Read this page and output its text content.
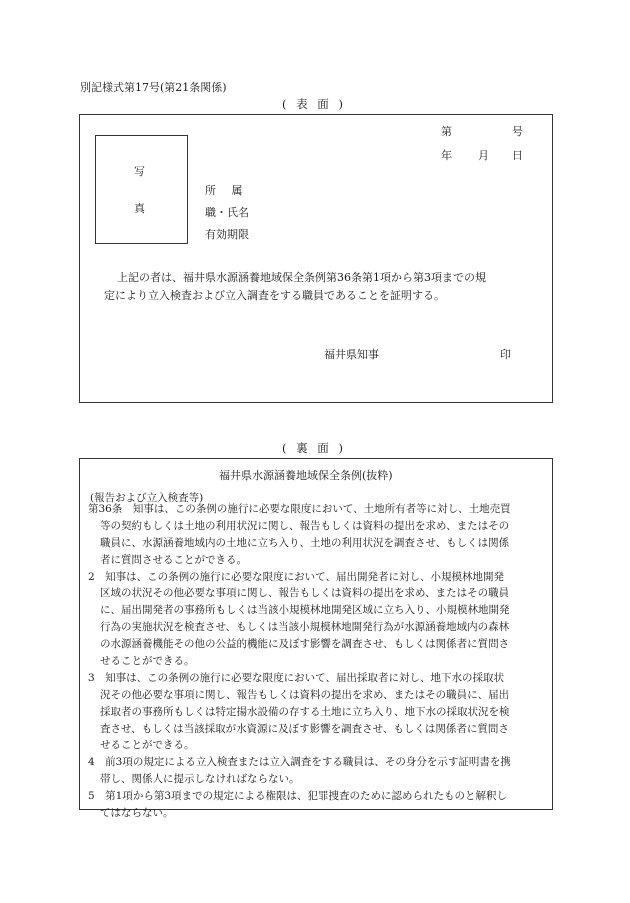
別記様式第17号(第21条関係)
( 表 面 )
第	号
年 月 日
写
真
所 属
職・氏名
有効期限
上記の者は、福井県水源涵養地域保全条例第36条第1項から第3項までの規
定により立入検査および立入調査をする職員であることを証明する。
福井県知事	印
( 裏 面 )
福井県水源涵養地域保全条例(抜粋)
(報告および立入検査等)
第36条　知事は、この条例の施行に必要な限度において、土地所有者等に対し、土地売買
等の契約もしくは土地の利用状況に関し、報告もしくは資料の提出を求め、またはその
職員に、水源涵養地域内の土地に立ち入り、土地の利用状況を調査させ、もしくは関係
者に質問させることができる。
2　知事は、この条例の施行に必要な限度において、届出開発者に対し、小規模林地開発
区域の状況その他必要な事項に関し、報告もしくは資料の提出を求め、またはその職員
に、届出開発者の事務所もしくは当該小規模林地開発区域に立ち入り、小規模林地開発
行為の実施状況を検査させ、もしくは当該小規模林地開発行為が水源涵養地域内の森林
の水源涵養機能その他の公益的機能に及ぼす影響を調査させ、もしくは関係者に質問さ
せることができる。
3　知事は、この条例の施行に必要な限度において、届出採取者に対し、地下水の採取状
況その他必要な事項に関し、報告もしくは資料の提出を求め、またはその職員に、届出
採取者の事務所もしくは特定揚水設備の存する土地に立ち入り、地下水の採取状況を検
査させ、もしくは当該採取が水資源に及ぼす影響を調査させ、もしくは関係者に質問さ
せることができる。
4　前3項の規定による立入検査または立入調査をする職員は、その身分を示す証明書を携
帯し、関係人に提示しなければならない。
5　第1項から第3項までの規定による権限は、犯罪捜査のために認められたものと解釈し
てはならない。
